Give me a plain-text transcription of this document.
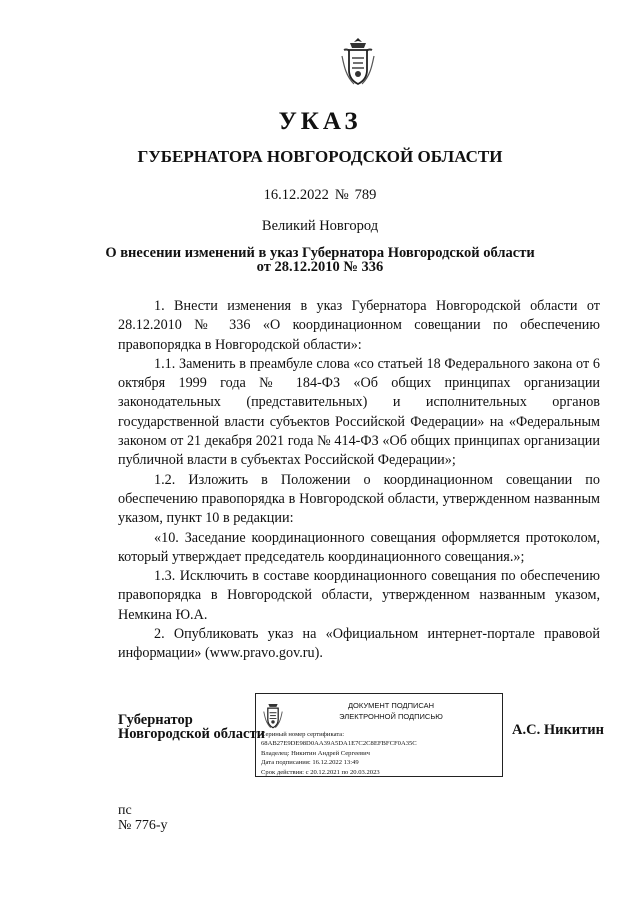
УКАЗ
ГУБЕРНАТОРА НОВГОРОДСКОЙ ОБЛАСТИ
16.12.2022 № 789
Великий Новгород
О внесении изменений в указ Губернатора Новгородской области
от 28.12.2010 № 336

1. Внести изменения в указ Губернатора Новгородской области от 28.12.2010 № 336 «О координационном совещании по обеспечению правопорядка в Новгородской области»:

1.1. Заменить в преамбуле слова «со статьей 18 Федерального закона от 6 октября 1999 года № 184-ФЗ «Об общих принципах организации законодательных (представительных) и исполнительных органов государственной власти субъектов Российской Федерации» на «Федеральным законом от 21 декабря 2021 года № 414-ФЗ «Об общих принципах организации публичной власти в субъектах Российской Федерации»;

1.2. Изложить в Положении о координационном совещании по обеспечению правопорядка в Новгородской области, утвержденном названным указом, пункт 10 в редакции:

«10. Заседание координационного совещания оформляется протоколом, который утверждает председатель координационного совещания.»;

1.3. Исключить в составе координационного совещания по обеспечению правопорядка в Новгородской области, утвержденном названным указом, Немкина Ю.А.

2. Опубликовать указ на «Официальном интернет-портале правовой информации» (www.pravo.gov.ru).

Губернатор
Новгородской области
ДОКУМЕНТ ПОДПИСАН
ЭЛЕКТРОННОЙ ПОДПИСЬЮ
Сериный номер сертификата:
68AB27E9DE98D0AA39A5DA1E7C2C8EFBFCF0A35C
Владелец: Никитин Андрей Сергеевич
Дата подписания: 16.12.2022 13:49
Срок действия: с 20.12.2021 по 20.03.2023
А.С. Никитин
пс
№ 776-у
